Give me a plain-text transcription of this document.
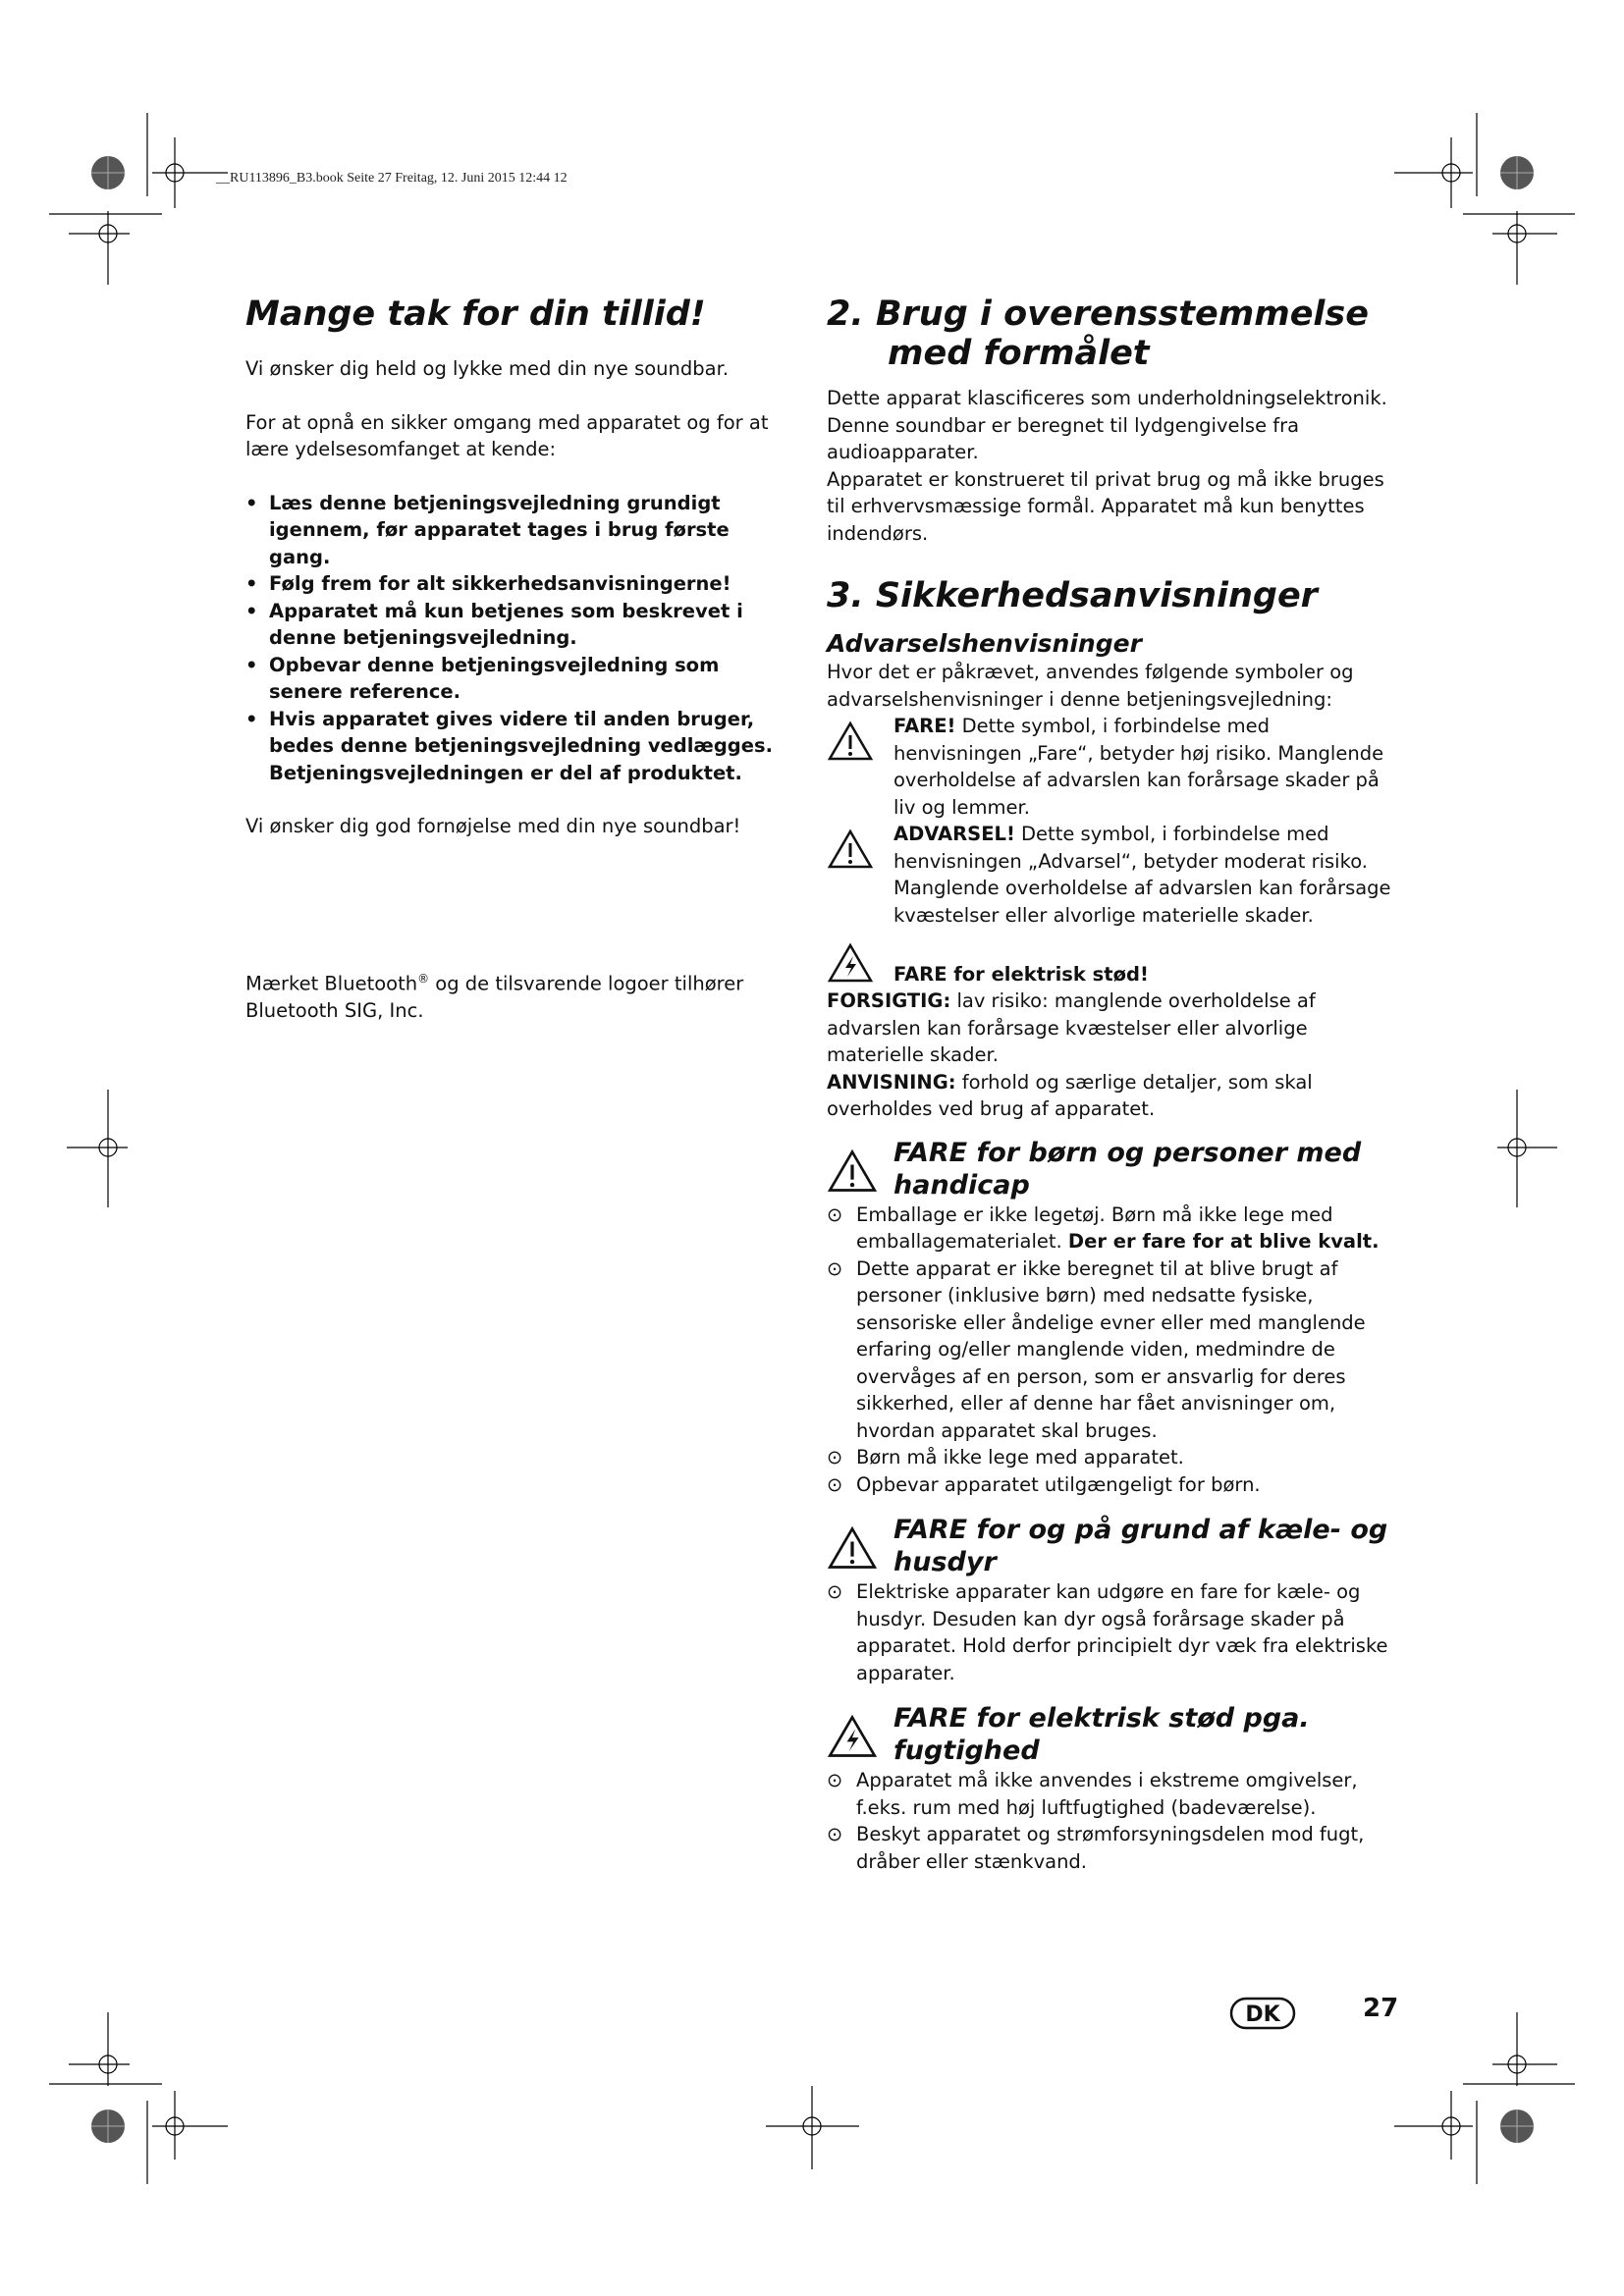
__RU113896_B3.book Seite 27 Freitag, 12. Juni 2015 12:44 12
Mange tak for din tillid!

Vi ønsker dig held og lykke med din nye soundbar.

For at opnå en sikker omgang med apparatet og for at lære ydelsesomfanget at kende:

• Læs denne betjeningsvejledning grundigt igennem, før apparatet tages i brug første gang.
• Følg frem for alt sikkerhedsanvisningerne!
• Apparatet må kun betjenes som beskrevet i denne betjeningsvejledning.
• Opbevar denne betjeningsvejledning som senere reference.
• Hvis apparatet gives videre til anden bruger, bedes denne betjeningsvejledning vedlægges. Betjeningsvejledningen er del af produktet.

Vi ønsker dig god fornøjelse med din nye soundbar!

Mærket Bluetooth® og de tilsvarende logoer tilhører Bluetooth SIG, Inc.

2. Brug i overensstemmelse med formålet

Dette apparat klascificeres som underholdningselektronik. Denne soundbar er beregnet til lydgengivelse fra audioapparater.

Apparatet er konstrueret til privat brug og må ikke bruges til erhvervsmæssige formål. Apparatet må kun benyttes indendørs.

3. Sikkerhedsanvisninger
Advarselshenvisninger

Hvor det er påkrævet, anvendes følgende symboler og advarselshenvisninger i denne betjeningsvejledning:

FARE! Dette symbol, i forbindelse med henvisningen „Fare“, betyder høj risiko. Manglende overholdelse af advarslen kan forårsage skader på liv og lemmer.

ADVARSEL! Dette symbol, i forbindelse med henvisningen „Advarsel“, betyder moderat risiko. Manglende overholdelse af advarslen kan forårsage kvæstelser eller alvorlige materielle skader.

FARE for elektrisk stød!

FORSIGTIG: lav risiko: manglende overholdelse af advarslen kan forårsage kvæstelser eller alvorlige materielle skader.

ANVISNING: forhold og særlige detaljer, som skal overholdes ved brug af apparatet.

FARE for børn og personer med handicap
⊙ Emballage er ikke legetøj. Børn må ikke lege med emballagematerialet. Der er fare for at blive kvalt.
⊙ Dette apparat er ikke beregnet til at blive brugt af personer (inklusive børn) med nedsatte fysiske, sensoriske eller åndelige evner eller med manglende erfaring og/eller manglende viden, medmindre de overvåges af en person, som er ansvarlig for deres sikkerhed, eller af denne har fået anvisninger om, hvordan apparatet skal bruges.
⊙ Børn må ikke lege med apparatet.
⊙ Opbevar apparatet utilgængeligt for børn.
FARE for og på grund af kæle- og husdyr
⊙ Elektriske apparater kan udgøre en fare for kæle- og husdyr. Desuden kan dyr også forårsage skader på apparatet. Hold derfor principielt dyr væk fra elektriske apparater.
FARE for elektrisk stød pga. fugtighed
⊙ Apparatet må ikke anvendes i ekstreme omgivelser, f.eks. rum med høj luftfugtighed (badeværelse).
⊙ Beskyt apparatet og strømforsyningsdelen mod fugt, dråber eller stænkvand.
DK	27
